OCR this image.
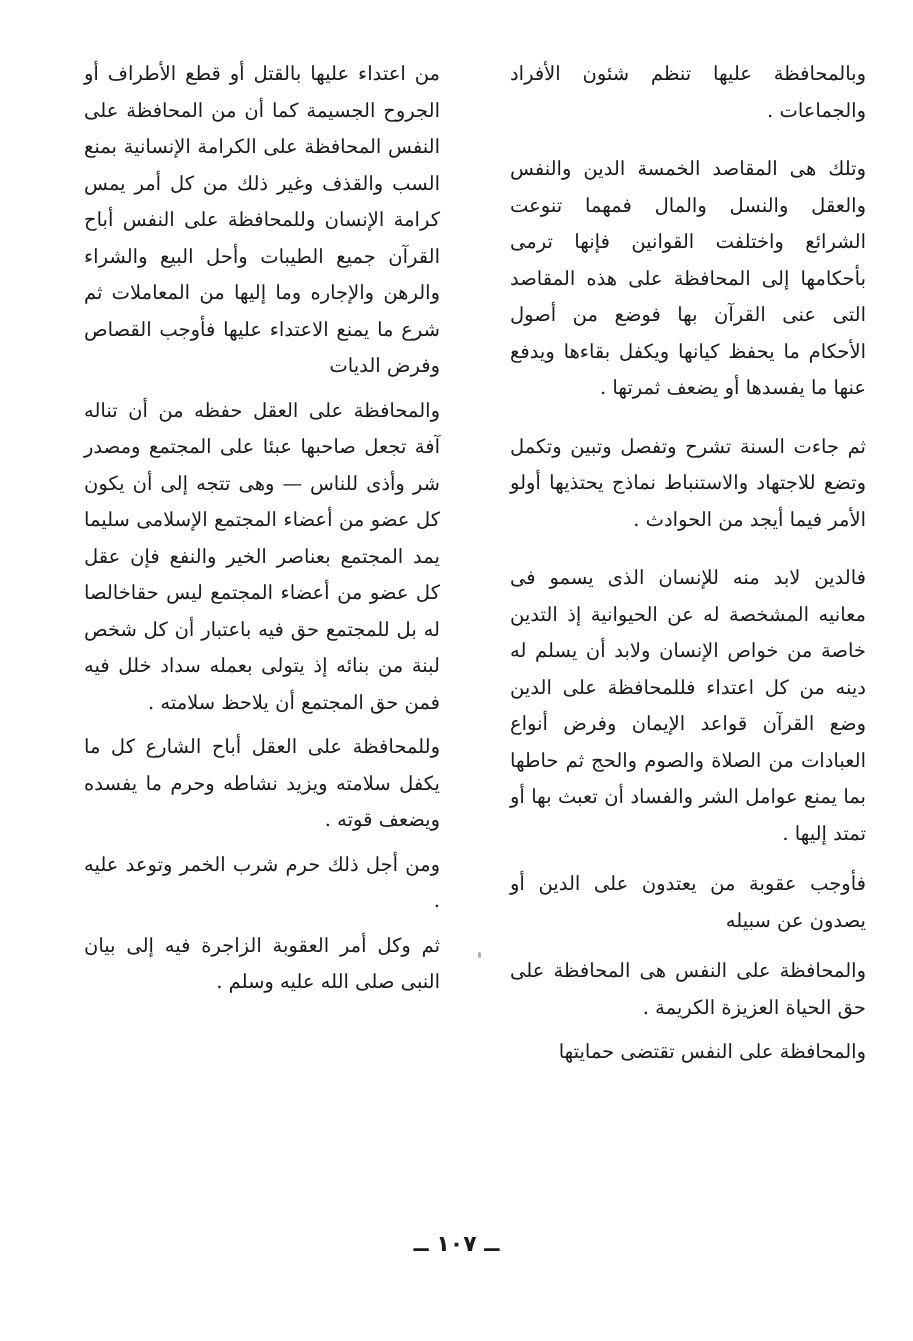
وبالمحافظة عليها تنظم شئون الأفراد والجماعات .

وتلك هى المقاصد الخمسة الدين والنفس والعقل والنسل والمال فمهما تنوعت الشرائع واختلفت القوانين فإنها ترمى بأحكامها إلى المحافظة على هذه المقاصد التى عنى القرآن بها فوضع من أصول الأحكام ما يحفظ كيانها ويكفل بقاءها ويدفع عنها ما يفسدها أو يضعف ثمرتها .

ثم جاءت السنة تشرح وتفصل وتبين وتكمل وتضع للاجتهاد والاستنباط نماذج يحتذيها أولو الأمر فيما أيجد من الحوادث .

فالدين لابد منه للإنسان الذى يسمو فى معانيه المشخصة له عن الحيوانية إذ التدين خاصة من خواص الإنسان ولابد أن يسلم له دينه من كل اعتداء فللمحافظة على الدين وضع القرآن قواعد الإيمان وفرض أنواع العبادات من الصلاة والصوم والحج ثم حاطها بما يمنع عوامل الشر والفساد أن تعبث بها أو تمتد إليها .

فأوجب عقوبة من يعتدون على الدين أو يصدون عن سبيله

والمحافظة على النفس هى المحافظة على حق الحياة العزيزة الكريمة .

والمحافظة على النفس تقتضى حمايتها

من اعتداء عليها بالقتل أو قطع الأطراف أو الجروح الجسيمة كما أن من المحافظة على النفس المحافظة على الكرامة الإنسانية بمنع السب والقذف وغير ذلك من كل أمر يمس كرامة الإنسان وللمحافظة على النفس أباح القرآن جميع الطيبات وأحل البيع والشراء والرهن والإجاره وما إليها من المعاملات ثم شرع ما يمنع الاعتداء عليها فأوجب القصاص وفرض الديات

والمحافظة على العقل حفظه من أن تناله آفة تجعل صاحبها عبئا على المجتمع ومصدر شر وأذى للناس — وهى تتجه إلى أن يكون كل عضو من أعضاء المجتمع الإسلامى سليما يمد المجتمع بعناصر الخير والنفع فإن عقل كل عضو من أعضاء المجتمع ليس حقاخالصا له بل للمجتمع حق فيه باعتبار أن كل شخص لبنة من بنائه إذ يتولى بعمله سداد خلل فيه فمن حق المجتمع أن يلاحظ سلامته .

وللمحافظة على العقل أباح الشارع كل ما يكفل سلامته ويزيد نشاطه وحرم ما يفسده ويضعف قوته .

ومن أجل ذلك حرم شرب الخمر وتوعد عليه .

ثم وكل أمر العقوبة الزاجرة فيه إلى بيان النبى صلى الله عليه وسلم .

ــ ١٠٧ ــ
